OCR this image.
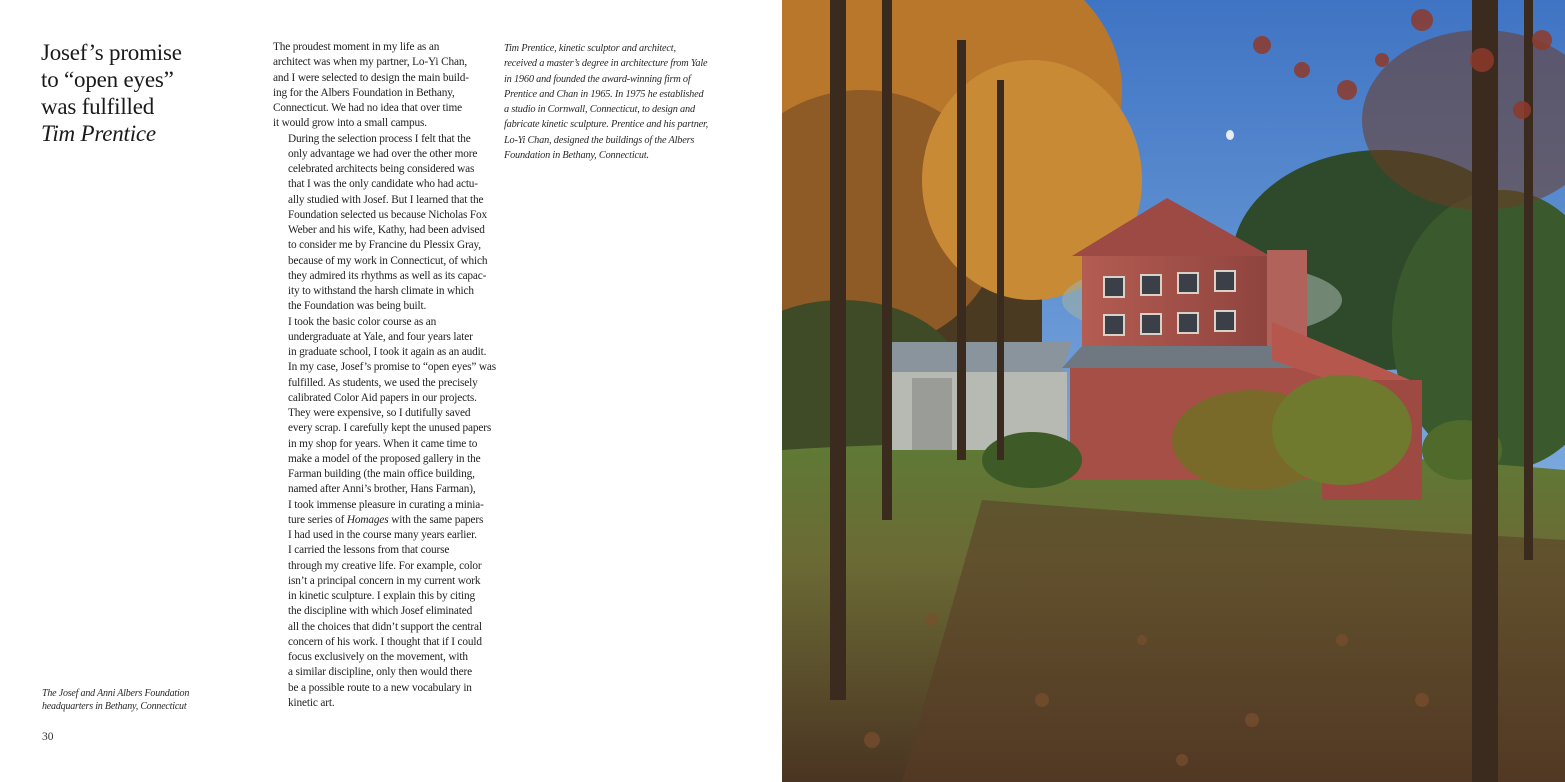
Josef’s promise
to “open eyes”
was fulfilled
Tim Prentice

The proudest moment in my life as an
architect was when my partner, Lo-Yi Chan,
and I were selected to design the main build-
ing for the Albers Foundation in Bethany,
Connecticut. We had no idea that over time
it would grow into a small campus.

During the selection process I felt that the
only advantage we had over the other more
celebrated architects being considered was
that I was the only candidate who had actu-
ally studied with Josef. But I learned that the
Foundation selected us because Nicholas Fox
Weber and his wife, Kathy, had been advised
to consider me by Francine du Plessix Gray,
because of my work in Connecticut, of which
they admired its rhythms as well as its capac-
ity to withstand the harsh climate in which
the Foundation was being built.

I took the basic color course as an
undergraduate at Yale, and four years later
in graduate school, I took it again as an audit.
In my case, Josef’s promise to “open eyes” was
fulfilled. As students, we used the precisely
calibrated Color Aid papers in our projects.
They were expensive, so I dutifully saved
every scrap. I carefully kept the unused papers
in my shop for years. When it came time to
make a model of the proposed gallery in the
Farman building (the main office building,
named after Anni’s brother, Hans Farman),
I took immense pleasure in curating a minia-
ture series of Homages with the same papers
I had used in the course many years earlier.

I carried the lessons from that course
through my creative life. For example, color
isn’t a principal concern in my current work
in kinetic sculpture. I explain this by citing
the discipline with which Josef eliminated
all the choices that didn’t support the central
concern of his work. I thought that if I could
focus exclusively on the movement, with
a similar discipline, only then would there
be a possible route to a new vocabulary in
kinetic art.

Tim Prentice, kinetic sculptor and architect,
received a master’s degree in architecture from Yale
in 1960 and founded the award-winning firm of
Prentice and Chan in 1965. In 1975 he established
a studio in Cornwall, Connecticut, to design and
fabricate kinetic sculpture. Prentice and his partner,
Lo-Yi Chan, designed the buildings of the Albers
Foundation in Bethany, Connecticut.
The Josef and Anni Albers Foundation
headquarters in Bethany, Connecticut
30
